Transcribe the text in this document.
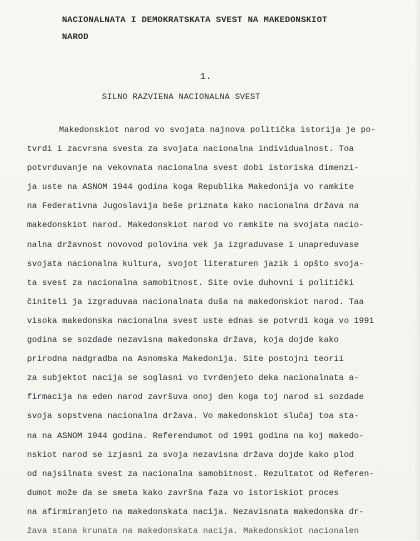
NACIONALNATA I DEMOKRATSKATA SVEST NA MAKEDONSKIOT
NAROD

1.

SILNO RAZVIENA NACIONALNA SVEST

Makedonskiot narod vo svojata najnova politička istorija je po-
tvrdi i zacvrsna svesta za svojata nacionalna individualnost. Toa
potvrduvanje na vekovnata nacionalna svest dobi istoriska dimenzi-
ja uste na ASNOM 1944 godina koga Republika Makedonija vo ramkite
na Federativna Jugoslavija beše priznata kako nacionalna država na
makedonskiot narod. Makedonskiot narod vo ramkite na svojata nacio-
nalna državnost novovod polovina vek ja izgraduvase i unapreduvase
svojata nacionalna kultura, svojot literaturen jazik i opšto svoja-
ta svest za nacionalna samobitnost. Site ovie duhovni i politički
činiteli ja izgraduvaa nacionalnata duša na makedonskiot narod. Taa
visoka makedonska nacionalna svest uste ednas se potvrdi koga vo 1991
godina se sozdade nezavisna makedonska država, koja dojde kako
prirodna nadgradba na Asnomska Makedonija. Site postojni teorii
za subjektot nacija se soglasni vo tvrdenjeto deka nacionalnata a-
firmacija na eden narod završuva onoj den koga toj narod si sozdade
svoja sopstvena nacionalna država. Vo makedonskiot slučaj toa sta-
na na ASNOM 1944 godina. Referendumot od 1991 godina na koj makedo-
nskiot narod se izjasni za svoja nezavisna država dojde kako plod
od najsilnata svest za nacionalna samobitnost. Rezultatot od Referen-
dumot može da se smeta kako završna faza vo istoriskiot proces
na afirmiranjeto na makedonskata nacija. Nezavisnata makedonska dr-
žava stana krunata na makedonskata nacija. Makedonskiot nacionalen
